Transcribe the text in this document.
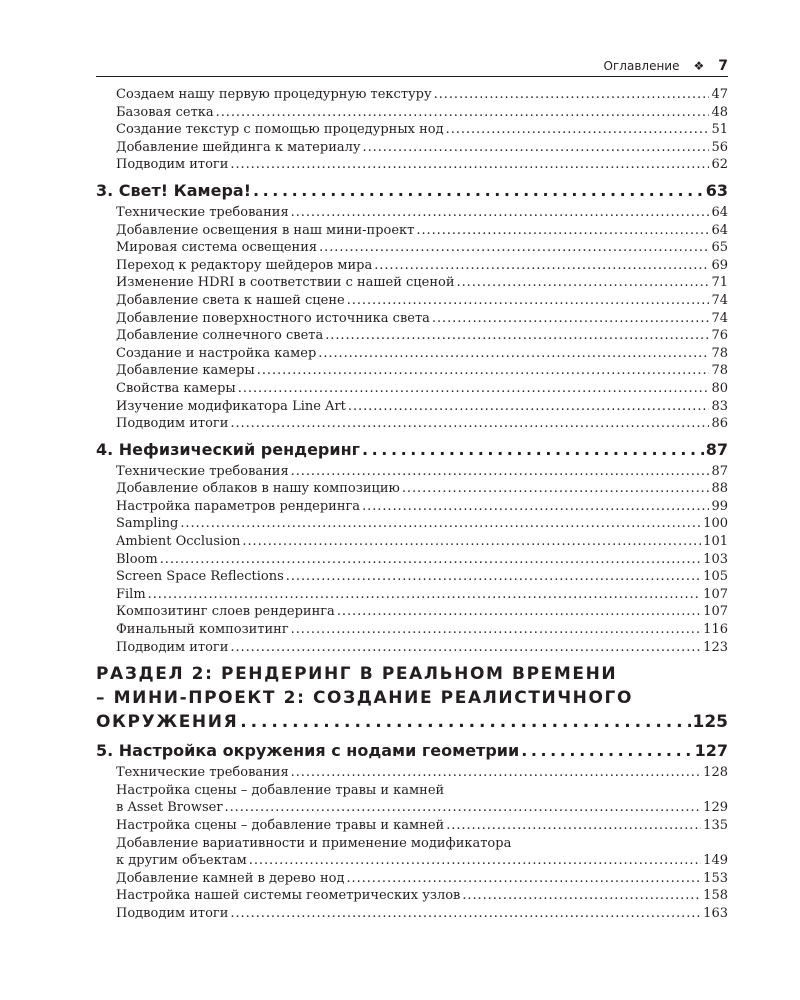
Оглавление ❖ 7
Создаем нашу первую процедурную текстуру . . .	47
Базовая сетка . . .	48
Создание текстур с помощью процедурных нод . . .	51
Добавление шейдинга к материалу . . .	56
Подводим итоги . . .	62
3. Свет! Камера! . . .	63
Технические требования . . .	64
Добавление освещения в наш мини-проект . . .	64
Мировая система освещения . . .	65
Переход к редактору шейдеров мира . . .	69
Изменение HDRI в соответствии с нашей сценой . . .	71
Добавление света к нашей сцене . . .	74
Добавление поверхностного источника света . . .	74
Добавление солнечного света . . .	76
Создание и настройка камер . . .	78
Добавление камеры . . .	78
Свойства камеры . . .	80
Изучение модификатора Line Art . . .	83
Подводим итоги . . .	86
4. Нефизический рендеринг . . .	87
Технические требования . . .	87
Добавление облаков в нашу композицию . . .	88
Настройка параметров рендеринга . . .	99
Sampling . . .	100
Ambient Occlusion . . .	101
Bloom . . .	103
Screen Space Reflections . . .	105
Film . . .	107
Композитинг слоев рендеринга . . .	107
Финальный композитинг . . .	116
Подводим итоги . . .	123
РАЗДЕЛ 2: РЕНДЕРИНГ В РЕАЛЬНОМ ВРЕМЕНИ
– МИНИ-ПРОЕКТ 2: СОЗДАНИЕ РЕАЛИСТИЧНОГО
ОКРУЖЕНИЯ . . .	125
5. Настройка окружения с нодами геометрии . . .	127
Технические требования . . .	128
Настройка сцены – добавление травы и камней
в Asset Browser . . .	129
Настройка сцены – добавление травы и камней . . .	135
Добавление вариативности и применение модификатора
к другим объектам . . .	149
Добавление камней в дерево нод . . .	153
Настройка нашей системы геометрических узлов . . .	158
Подводим итоги . . .	163
